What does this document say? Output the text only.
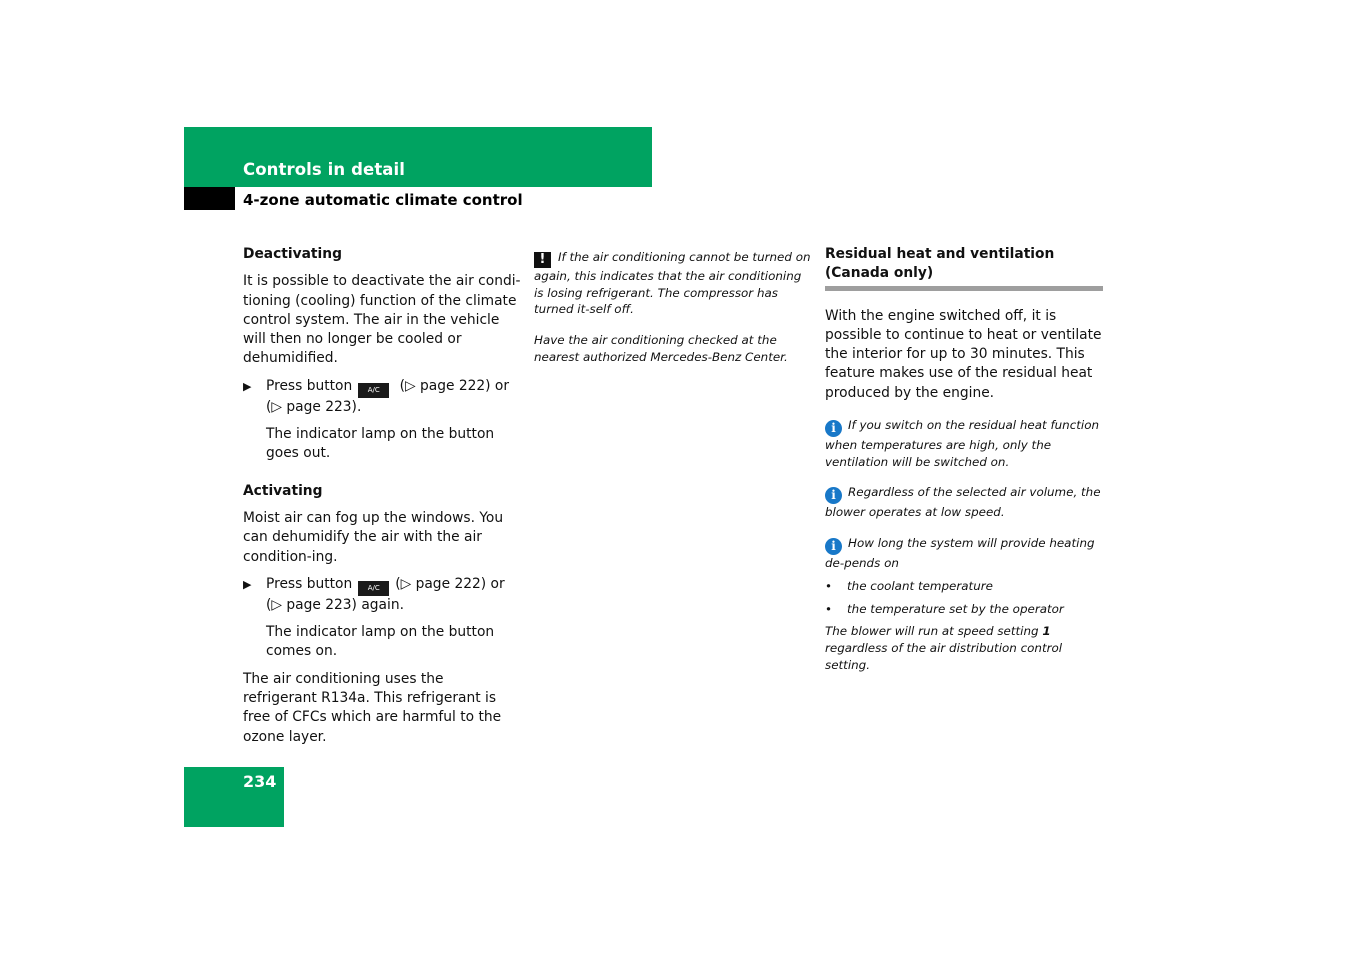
Controls in detail
4-zone automatic climate control

Deactivating

It is possible to deactivate the air condi-tioning (cooling) function of the climate control system. The air in the vehicle will then no longer be cooled or dehumidified.

▶ Press button A/C (▷ page 222) or (▷ page 223).

The indicator lamp on the button goes out.

Activating

Moist air can fog up the windows. You can dehumidify the air with the air condition-ing.

▶ Press button A/C (▷ page 222) or (▷ page 223) again.

The indicator lamp on the button comes on.

The air conditioning uses the refrigerant R134a. This refrigerant is free of CFCs which are harmful to the ozone layer.

! If the air conditioning cannot be turned on again, this indicates that the air conditioning is losing refrigerant. The compressor has turned it-self off.

Have the air conditioning checked at the nearest authorized Mercedes-Benz Center.

Residual heat and ventilation
(Canada only)

With the engine switched off, it is possible to continue to heat or ventilate the interior for up to 30 minutes. This feature makes use of the residual heat produced by the engine.

i If you switch on the residual heat function when temperatures are high, only the ventilation will be switched on.

i Regardless of the selected air volume, the blower operates at low speed.

i How long the system will provide heating de-pends on

• the coolant temperature

• the temperature set by the operator

The blower will run at speed setting 1 regardless of the air distribution control setting.

234
